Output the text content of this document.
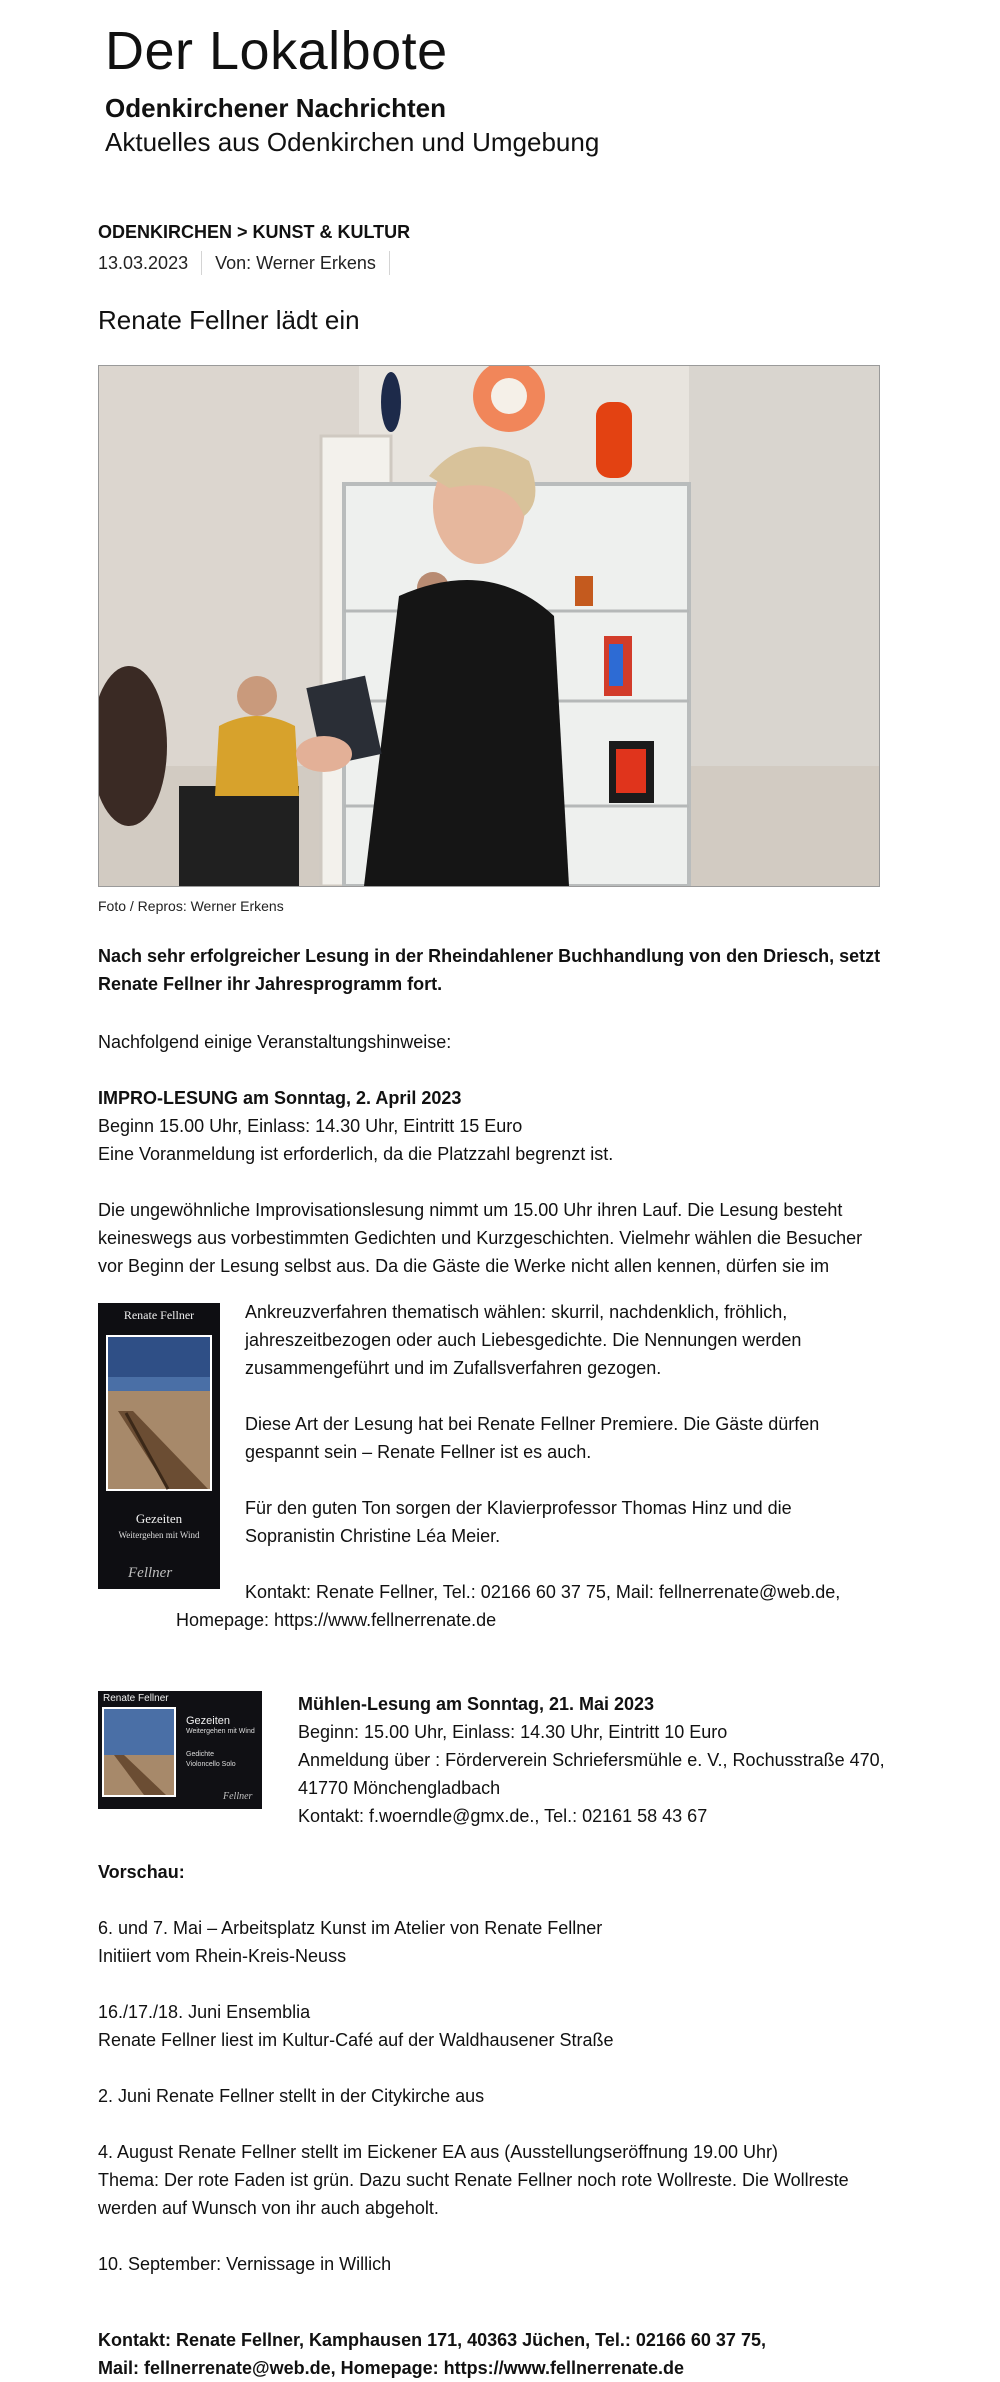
Der Lokalbote
Odenkirchener Nachrichten
Aktuelles aus Odenkirchen und Umgebung
ODENKIRCHEN > KUNST & KULTUR
13.03.2023 Von: Werner Erkens
Renate Fellner lädt ein
Foto / Repros: Werner Erkens
Nach sehr erfolgreicher Lesung in der Rheindahlener Buchhandlung von den Driesch, setzt
Renate Fellner ihr Jahresprogramm fort.
Nachfolgend einige Veranstaltungshinweise:
IMPRO-LESUNG am Sonntag, 2. April 2023
Beginn 15.00 Uhr, Einlass: 14.30 Uhr, Eintritt 15 Euro
Eine Voranmeldung ist erforderlich, da die Platzzahl begrenzt ist.
Die ungewöhnliche Improvisationslesung nimmt um 15.00 Uhr ihren Lauf. Die Lesung besteht
keineswegs aus vorbestimmten Gedichten und Kurzgeschichten. Vielmehr wählen die Besucher
vor Beginn der Lesung selbst aus. Da die Gäste die Werke nicht allen kennen, dürfen sie im
Renate Fellner
Gezeiten
Weitergehen mit Wind
Fellner
Ankreuzverfahren thematisch wählen: skurril, nachdenklich, fröhlich,
jahreszeitbezogen oder auch Liebesgedichte. Die Nennungen werden
zusammengeführt und im Zufallsverfahren gezogen.
Diese Art der Lesung hat bei Renate Fellner Premiere. Die Gäste dürfen
gespannt sein – Renate Fellner ist es auch.
Für den guten Ton sorgen der Klavierprofessor Thomas Hinz und die
Sopranistin Christine Léa Meier.
Kontakt: Renate Fellner, Tel.: 02166 60 37 75, Mail: fellnerrenate@web.de,
Homepage: https://www.fellnerrenate.de
Renate Fellner
Gezeiten
Weitergehen mit Wind
Gedichte
Violoncello Solo
Fellner
Mühlen-Lesung am Sonntag, 21. Mai 2023
Beginn: 15.00 Uhr, Einlass: 14.30 Uhr, Eintritt 10 Euro
Anmeldung über : Förderverein Schriefersmühle e. V., Rochusstraße 470,
41770 Mönchengladbach
Kontakt: f.woerndle@gmx.de., Tel.: 02161 58 43 67
Vorschau:
6. und 7. Mai – Arbeitsplatz Kunst im Atelier von Renate Fellner
Initiiert vom Rhein-Kreis-Neuss
16./17./18. Juni Ensemblia
Renate Fellner liest im Kultur-Café auf der Waldhausener Straße
2. Juni Renate Fellner stellt in der Citykirche aus
4. August Renate Fellner stellt im Eickener EA aus (Ausstellungseröffnung 19.00 Uhr)
Thema: Der rote Faden ist grün. Dazu sucht Renate Fellner noch rote Wollreste. Die Wollreste
werden auf Wunsch von ihr auch abgeholt.
10. September: Vernissage in Willich
Kontakt: Renate Fellner, Kamphausen 171, 40363 Jüchen, Tel.: 02166 60 37 75,
Mail: fellnerrenate@web.de, Homepage: https://www.fellnerrenate.de
